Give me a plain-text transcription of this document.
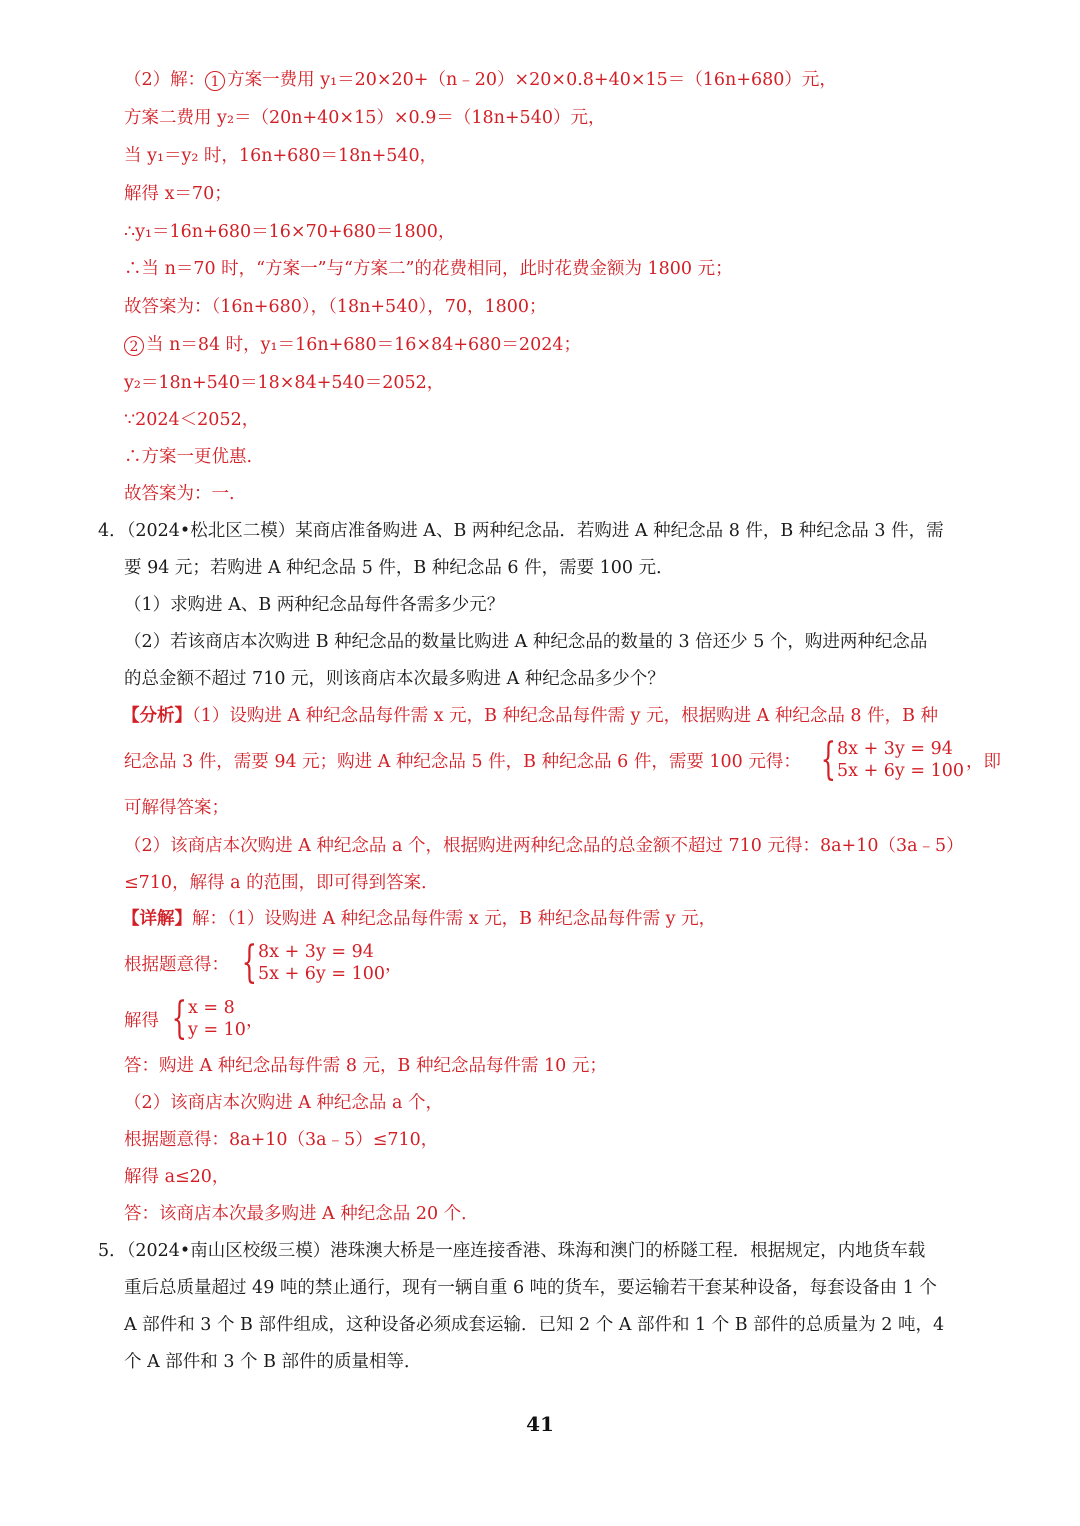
（2）解： 1 方案一费用 y₁＝20×20+（n﹣20）×20×0.8+40×15＝（16n+680）元，
方案二费用 y₂＝（20n+40×15）×0.9＝（18n+540）元，
当 y₁＝y₂ 时，16n+680＝18n+540，
解得 x＝70；
∴y₁＝16n+680＝16×70+680＝1800，
∴当 n＝70 时，“方案一”与“方案二”的花费相同，此时花费金额为 1800 元；
故答案为：（16n+680），（18n+540），70，1800；
2 当 n＝84 时，y₁＝16n+680＝16×84+680＝2024；
y₂＝18n+540＝18×84+540＝2052，
∵2024＜2052，
∴方案一更优惠.
故答案为：一.
4．（2024•松北区二模）某商店准备购进 A、B 两种纪念品．若购进 A 种纪念品 8 件，B 种纪念品 3 件，需
要 94 元；若购进 A 种纪念品 5 件，B 种纪念品 6 件，需要 100 元．
（1）求购进 A、B 两种纪念品每件各需多少元？
（2）若该商店本次购进 B 种纪念品的数量比购进 A 种纪念品的数量的 3 倍还少 5 个，购进两种纪念品
的总金额不超过 710 元，则该商店本次最多购进 A 种纪念品多少个？
【分析】（1）设购进 A 种纪念品每件需 x 元，B 种纪念品每件需 y 元，根据购进 A 种纪念品 8 件，B 种
纪念品 3 件，需要 94 元；购进 A 种纪念品 5 件，B 种纪念品 6 件，需要 100 元得： { 8x + 3y = 94
5x + 6y = 100 ，即
可解得答案；
（2）该商店本次购进 A 种纪念品 a 个，根据购进两种纪念品的总金额不超过 710 元得：8a+10（3a﹣5）
≤710，解得 a 的范围，即可得到答案．
【详解】解：（1）设购进 A 种纪念品每件需 x 元，B 种纪念品每件需 y 元，
根据题意得： { 8x + 3y = 94
5x + 6y = 100 ，
解得 { x = 8
y = 10 ，
答：购进 A 种纪念品每件需 8 元，B 种纪念品每件需 10 元；
（2）该商店本次购进 A 种纪念品 a 个，
根据题意得：8a+10（3a﹣5）≤710，
解得 a≤20，
答：该商店本次最多购进 A 种纪念品 20 个．
5．（2024•南山区校级三模）港珠澳大桥是一座连接香港、珠海和澳门的桥隧工程．根据规定，内地货车载
重后总质量超过 49 吨的禁止通行，现有一辆自重 6 吨的货车，要运输若干套某种设备，每套设备由 1 个
A 部件和 3 个 B 部件组成，这种设备必须成套运输．已知 2 个 A 部件和 1 个 B 部件的总质量为 2 吨，4
个 A 部件和 3 个 B 部件的质量相等．
41
